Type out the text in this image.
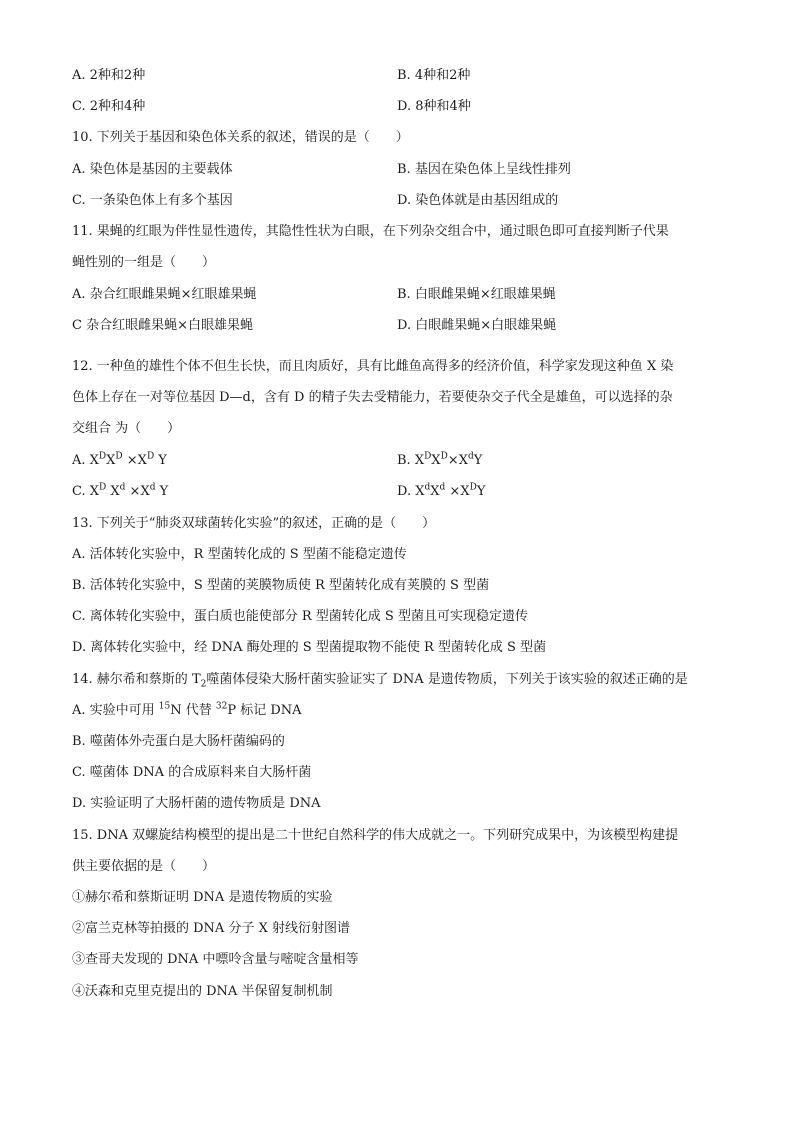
A. 2种和2种	B. 4种和2种
C. 2种和4种	D. 8种和4种
10. 下列关于基因和染色体关系的叙述，错误的是（　　）
A. 染色体是基因的主要载体	B. 基因在染色体上呈线性排列
C. 一条染色体上有多个基因	D. 染色体就是由基因组成的
11. 果蝇的红眼为伴性显性遗传，其隐性性状为白眼，在下列杂交组合中，通过眼色即可直接判断子代果
蝇性别的一组是（　　）
A. 杂合红眼雌果蝇×红眼雄果蝇	B. 白眼雌果蝇×红眼雄果蝇
C 杂合红眼雌果蝇×白眼雄果蝇	D. 白眼雌果蝇×白眼雄果蝇
12. 一种鱼的雄性个体不但生长快，而且肉质好，具有比雌鱼高得多的经济价值，科学家发现这种鱼 X 染
色体上存在一对等位基因 D—d，含有 D 的精子失去受精能力，若要使杂交子代全是雄鱼，可以选择的杂
交组合 为（　　）
A. $X^DX^D \times X^D$ Y	B. $X^DX^D\times X^dY$
C. $X^D$ $X^d \times X^d$ Y	D. $X^dX^d \times X^DY$
13. 下列关于“肺炎双球菌转化实验”的叙述，正确的是（　　）
A. 活体转化实验中，R 型菌转化成的 S 型菌不能稳定遗传
B. 活体转化实验中，S 型菌的荚膜物质使 R 型菌转化成有荚膜的 S 型菌
C. 离体转化实验中，蛋白质也能使部分 R 型菌转化成 S 型菌且可实现稳定遗传
D. 离体转化实验中，经 DNA 酶处理的 S 型菌提取物不能使 R 型菌转化成 S 型菌
14. 赫尔希和蔡斯的 $T_2$噬菌体侵染大肠杆菌实验证实了 DNA 是遗传物质，下列关于该实验的叙述正确的是
A. 实验中可用 $^{15}$N 代替 $^{32}$P 标记 DNA
B. 噬菌体外壳蛋白是大肠杆菌编码的
C. 噬菌体 DNA 的合成原料来自大肠杆菌
D. 实验证明了大肠杆菌的遗传物质是 DNA
15. DNA 双螺旋结构模型的提出是二十世纪自然科学的伟大成就之一。下列研究成果中，为该模型构建提
供主要依据的是（　　）
①赫尔希和蔡斯证明 DNA 是遗传物质的实验
②富兰克林等拍摄的 DNA 分子 X 射线衍射图谱
③查哥夫发现的 DNA 中嘌呤含量与嘧啶含量相等
④沃森和克里克提出的 DNA 半保留复制机制
